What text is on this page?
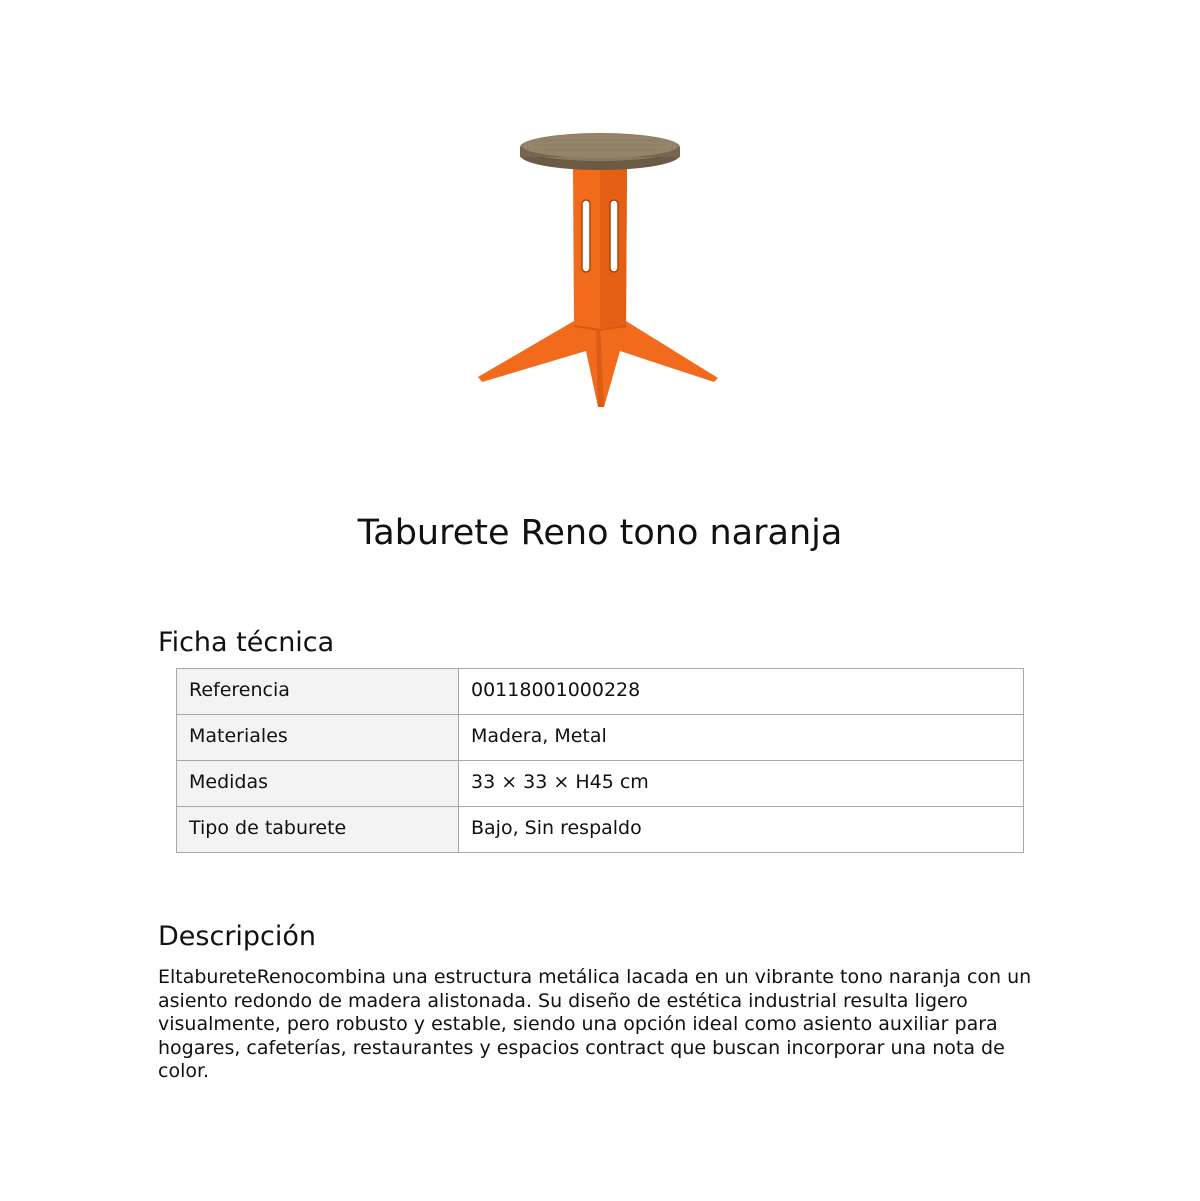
Taburete Reno tono naranja
Ficha técnica
Referencia	00118001000228
Materiales	Madera, Metal
Medidas	33 × 33 × H45 cm
Tipo de taburete	Bajo, Sin respaldo
Descripción

EltabureteRenocombina una estructura metálica lacada en un vibrante tono naranja con un asiento redondo de madera alistonada. Su diseño de estética industrial resulta ligero visualmente, pero robusto y estable, siendo una opción ideal como asiento auxiliar para hogares, cafeterías, restaurantes y espacios contract que buscan incorporar una nota de color.
